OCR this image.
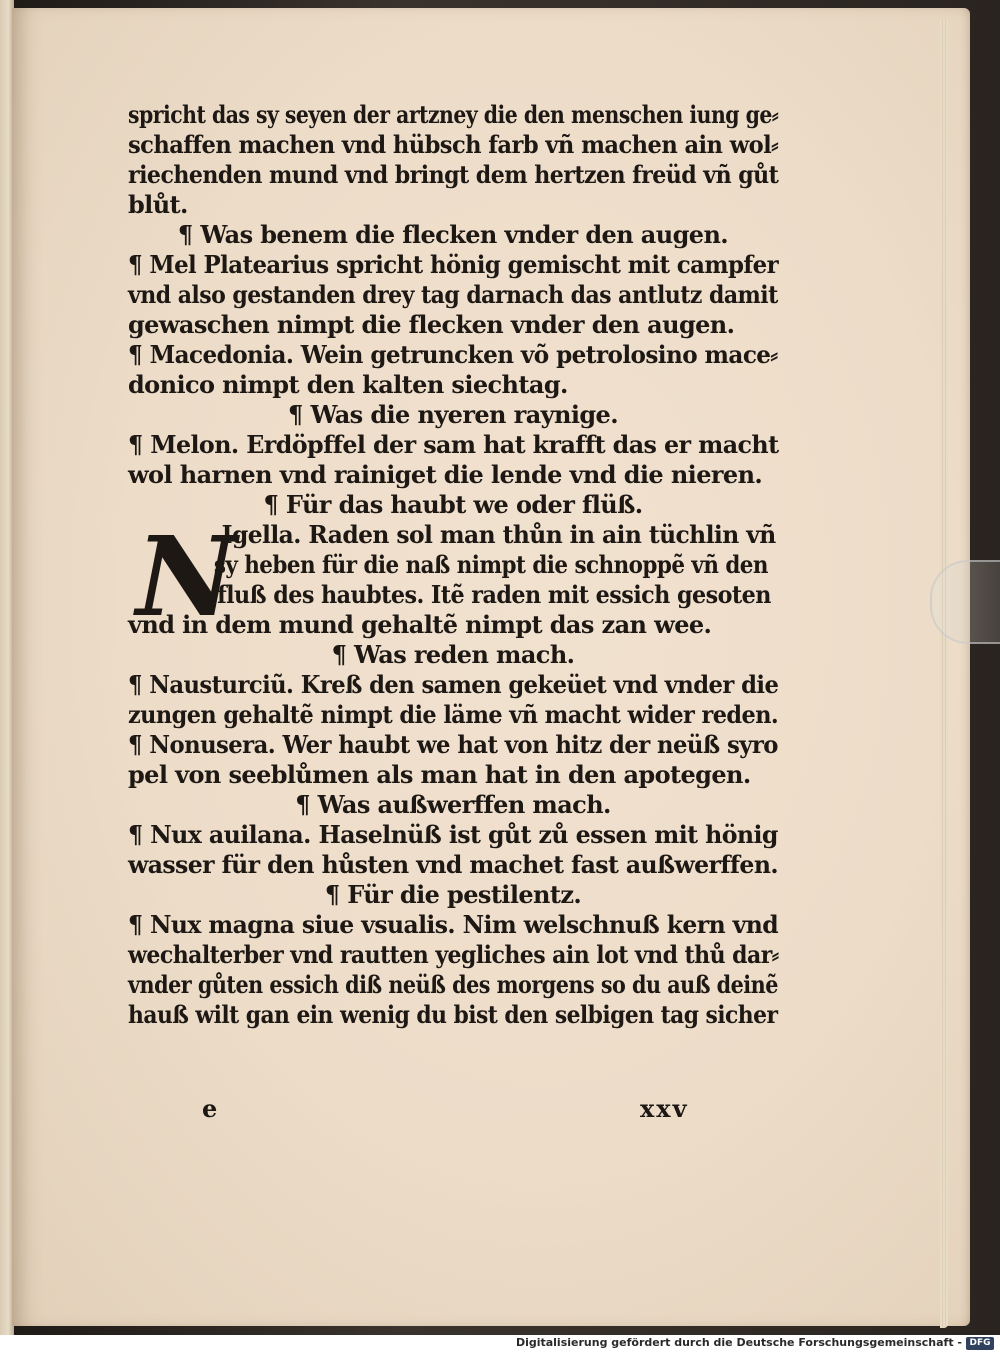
spricht das sy seyen der artzney die den menschen iung ge⸗
schaffen machen vnd hübsch farb vñ machen ain wol⸗
riechenden mund vnd bringt dem hertzen freüd vñ gůt
blůt.
¶ Was benem die flecken vnder den augen.
¶ Mel Platearius spricht hönig gemischt mit campfer
vnd also gestanden drey tag darnach das antlutz damit
gewaschen nimpt die flecken vnder den augen.
¶ Macedonia. Wein getruncken võ petrolosino mace⸗
donico nimpt den kalten siechtag.
¶ Was die nyeren raynige.
¶ Melon. Erdöpffel der sam hat krafft das er macht
wol harnen vnd rainiget die lende vnd die nieren.
¶ Für das haubt we oder flüß.
N
Igella. Raden sol man thůn in ain tüchlin vñ
sy heben für die naß nimpt die schnoppẽ vñ den
fluß des haubtes. Itẽ raden mit essich gesoten
vnd in dem mund gehaltẽ nimpt das zan wee.
¶ Was reden mach.
¶ Nausturciũ. Kreß den samen gekeüet vnd vnder die
zungen gehaltẽ nimpt die läme vñ macht wider reden.
¶ Nonusera. Wer haubt we hat von hitz der neüß syro
pel von seeblůmen als man hat in den apotegen.
¶ Was außwerffen mach.
¶ Nux auilana. Haselnüß ist gůt zů essen mit hönig
wasser für den hůsten vnd machet fast außwerffen.
¶ Für die pestilentz.
¶ Nux magna siue vsualis. Nim welschnuß kern vnd
wechalterber vnd rautten yegliches ain lot vnd thů dar⸗
vnder gůten essich diß neüß des morgens so du auß deinẽ
hauß wilt gan ein wenig du bist den selbigen tag sicher
e	xxv
Digitalisierung gefördert durch die Deutsche Forschungsgemeinschaft - DFG
